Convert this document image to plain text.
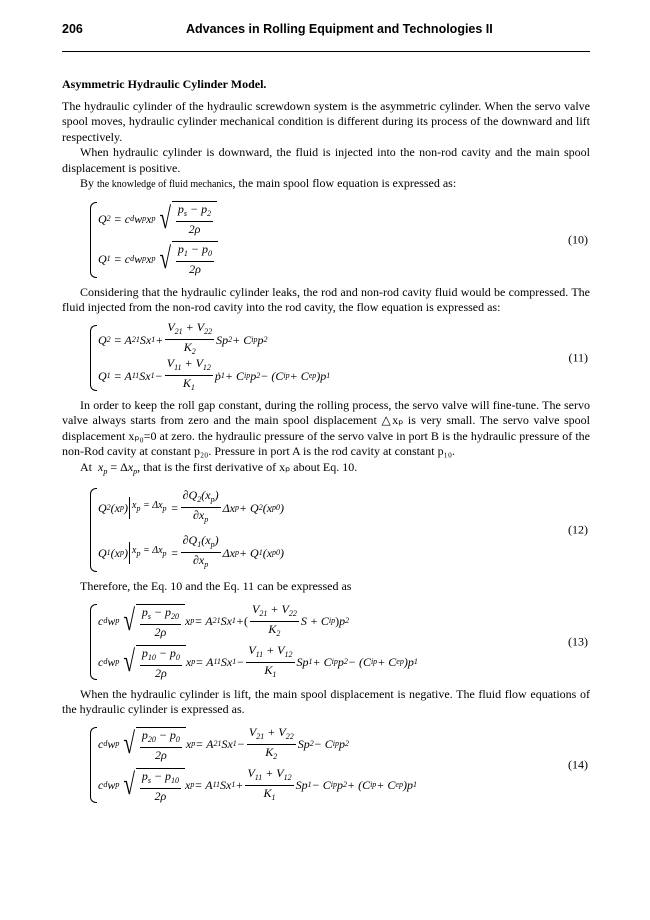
206	Advances in Rolling Equipment and Technologies II

Asymmetric Hydraulic Cylinder Model.

The hydraulic cylinder of the hydraulic screwdown system is the asymmetric cylinder. When the servo valve spool moves, hydraulic cylinder mechanical condition is different during its process of the downward and lift respectively.

When hydraulic cylinder is downward, the fluid is injected into the non-rod cavity and the main spool displacement is positive.

By the knowledge of fluid mechanics, the main spool flow equation is expressed as:

Q 2 = c d w p x p √ $\frac{p_s - p_2}{2\rho}$
Q 1 = c d w p x p √ $\frac{p_1 - p_0}{2\rho}$
(10)

Considering that the hydraulic cylinder leaks, the rod and non-rod cavity fluid would be compressed. The fluid injected from the non-rod cavity into the rod cavity, the flow equation is expressed as:

Q 2 = A 21 Sx 1 +
$V_{21} + V_{22}$
$K_2$
Sp 2 + C ip p 2
Q 1 = A 11 Sx 1 −
$V_{11} + V_{12}$
$K_1$
ṗ 1 + C ip p 2 − (C ip + C ep )p 1
(11)

In order to keep the roll gap constant, during the rolling process, the servo valve will fine-tune. The servo valve always starts from zero and the main spool displacement △xₚ is very small. The servo valve spool displacement xₚ₀=0 at zero. the hydraulic pressure of the servo valve in port B is the hydraulic pressure of the non-Rod cavity at constant p₂₀. Pressure in port A is the rod cavity at constant p₁₀.

At  $x_p = \Delta x_p$, that is the first derivative of xₚ about Eq. 10.

Q 2 (x p ) $x_p = \Delta x_p$ =
$\partial Q_2(x_p)$
$\partial x_p$
Δx p + Q 2 (x p0 )
Q 1 (x p ) $x_p = \Delta x_p$ =
$\partial Q_1(x_p)$
$\partial x_p$
Δx p + Q 1 (x p0 )
(12)

Therefore, the Eq. 10 and the Eq. 11 can be expressed as

c d w p √ $\frac{p_s - p_{20}}{2\rho}$ x p = A 21 Sx 1 + (
$V_{21} + V_{22}$
$K_2$
S + C ip ) p 2
c d w p √ $\frac{p_{10} - p_0}{2\rho}$ x p = A 11 Sx 1 −
$V_{11} + V_{12}$
$K_1$
Sp 1 + C ip p 2 − (C ip + C ep )p 1
(13)

When the hydraulic cylinder is lift, the main spool displacement is negative. The fluid flow equations of the hydraulic cylinder is expressed as.

c d w p √ $\frac{p_{20} - p_0}{2\rho}$ x p = A 21 Sx 1 −
$V_{21} + V_{22}$
$K_2$
Sp 2 − C ip p 2
c d w p √ $\frac{p_s - p_{10}}{2\rho}$ x p = A 11 Sx 1 +
$V_{11} + V_{12}$
$K_1$
Sp 1 − C ip p 2 + (C ip + C ep )p 1
(14)
